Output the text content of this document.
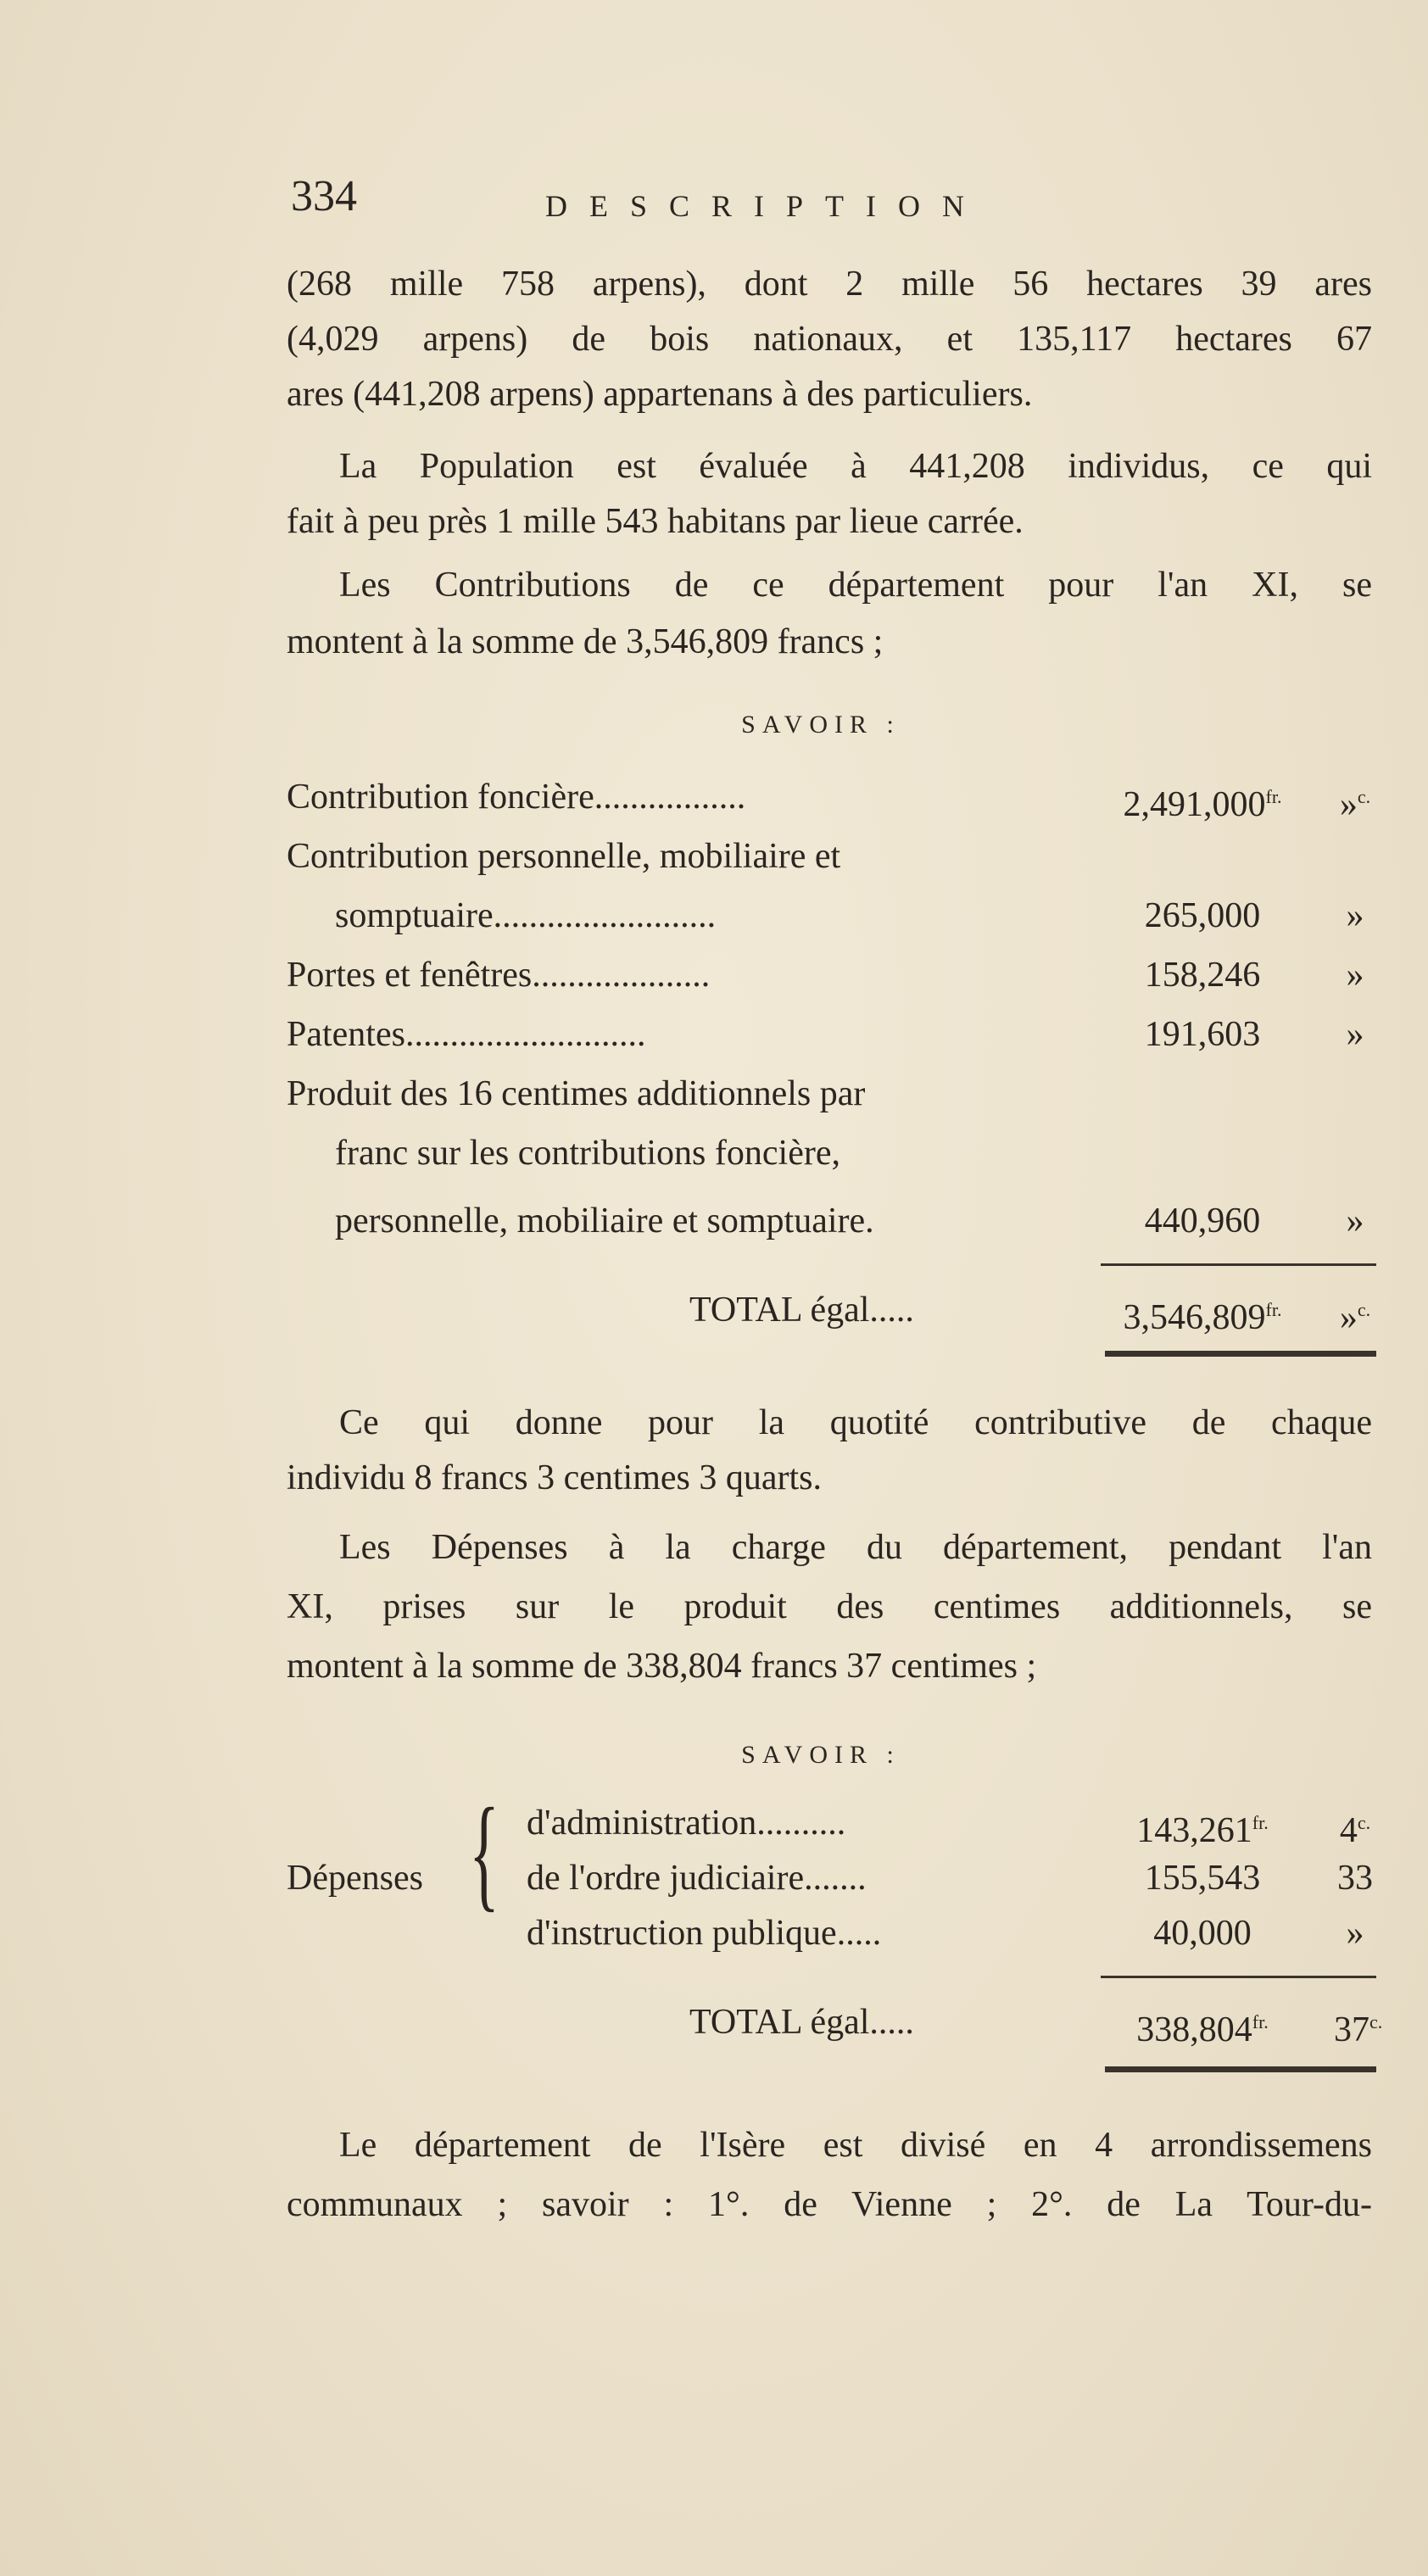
334	DESCRIPTION
(268 mille 758 arpens), dont 2 mille 56 hectares 39 ares
(4,029 arpens) de bois nationaux, et 135,117 hectares 67
ares (441,208 arpens) appartenans à des particuliers.
La Population est évaluée à 441,208 individus, ce qui
fait à peu près 1 mille 543 habitans par lieue carrée.
Les Contributions de ce département pour l'an XI, se
montent à la somme de 3,546,809 francs ;
SAVOIR :
Contribution foncière.................	$2,491,000^{fr.}$	»$^{c.}$
Contribution personnelle, mobiliaire et
somptuaire.........................	265,000	»
Portes et fenêtres....................	158,246	»
Patentes...........................	191,603	»
Produit des 16 centimes additionnels par
franc sur les contributions foncière,
personnelle, mobiliaire et somptuaire.	440,960	»
TOTAL égal.....	$3,546,809^{fr.}$	»$^{c.}$
Ce qui donne pour la quotité contributive de chaque
individu 8 francs 3 centimes 3 quarts.
Les Dépenses à la charge du département, pendant l'an
XI, prises sur le produit des centimes additionnels, se
montent à la somme de 338,804 francs 37 centimes ;
SAVOIR :
{
Dépenses
d'administration..........	$143,261^{fr.}$	$4^{c.}$
de l'ordre judiciaire.......	155,543	33
d'instruction publique.....	40,000	»
TOTAL égal.....	$338,804^{fr.}$	$37^{c.}$
Le département de l'Isère est divisé en 4 arrondissemens
communaux ; savoir : 1°. de Vienne ; 2°. de La Tour-du-
